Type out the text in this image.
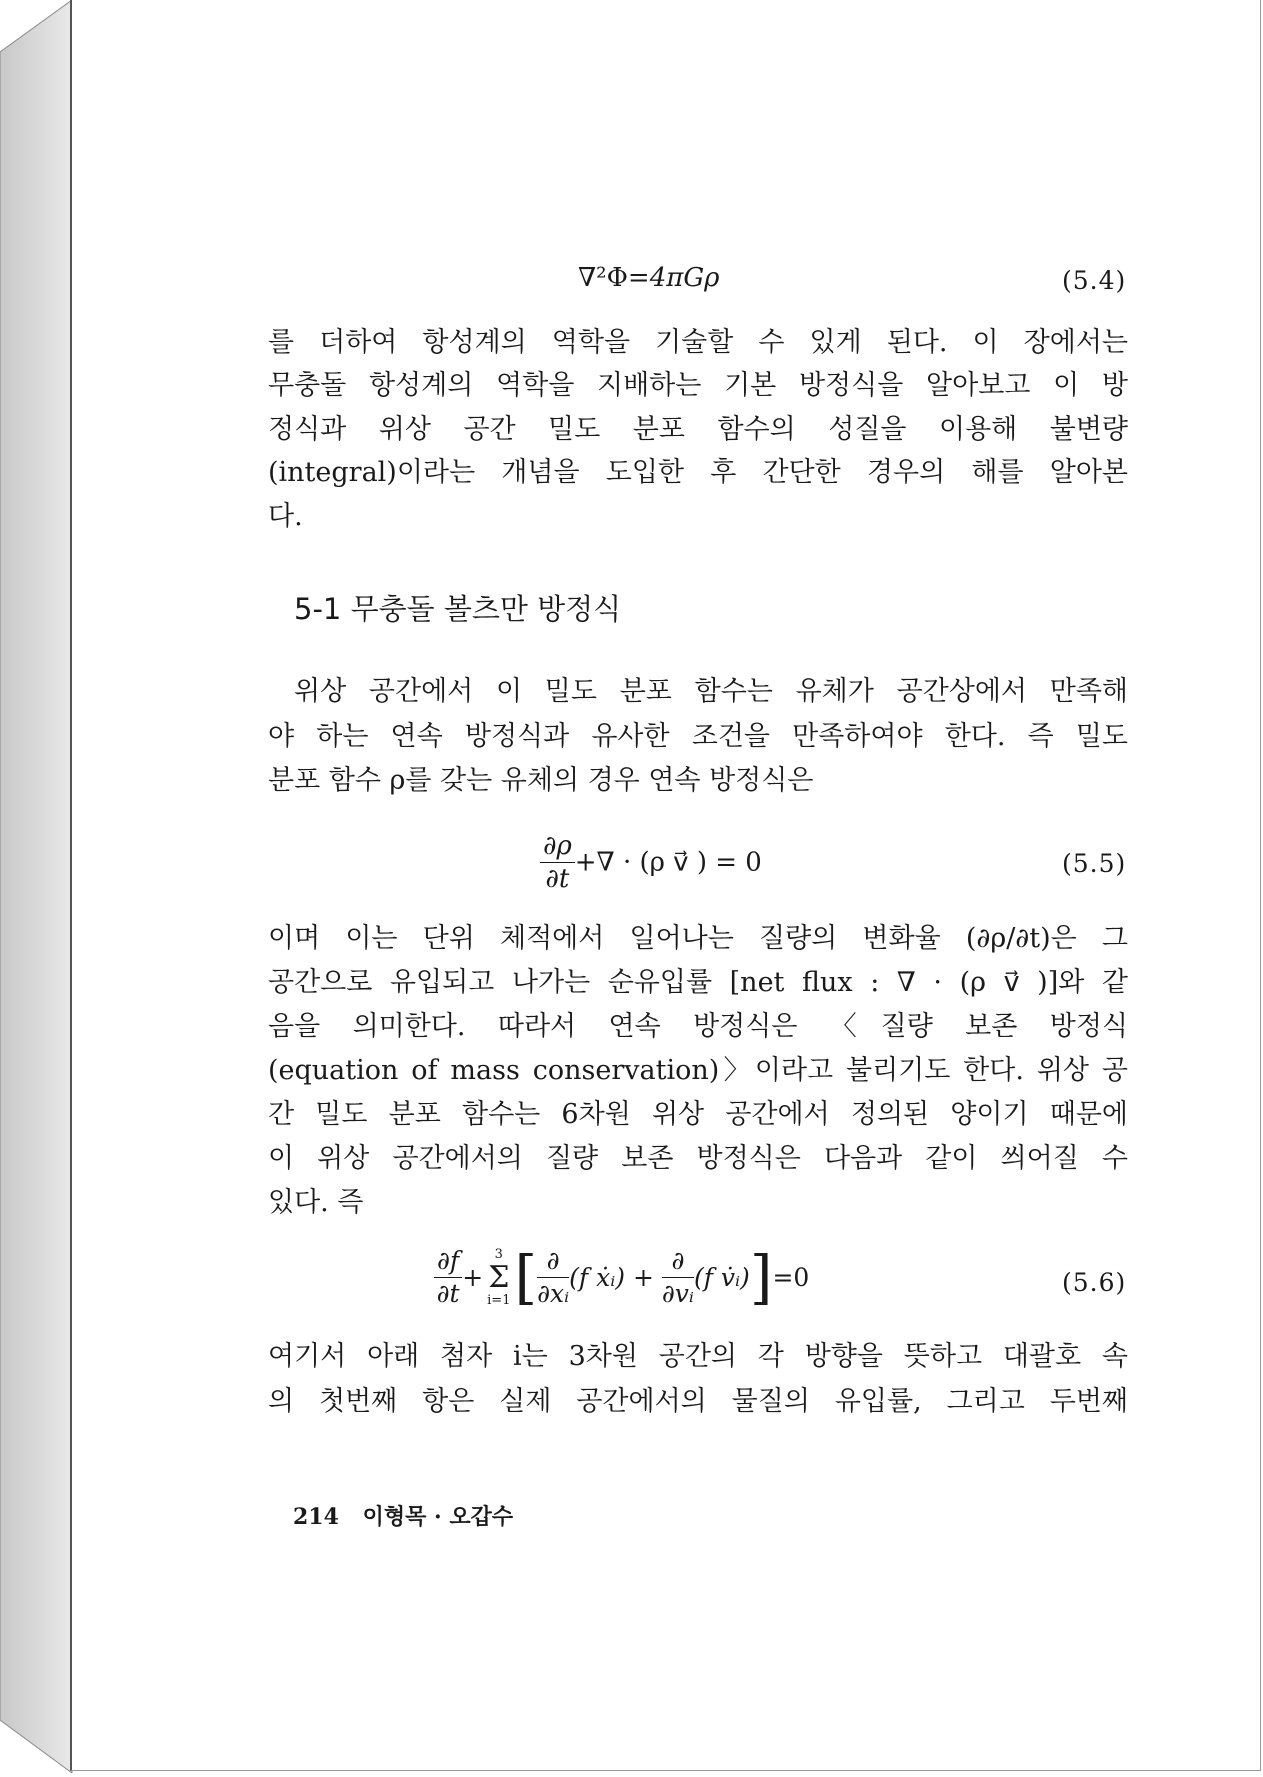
∇²Φ=4πGρ	(5.4)
를 더하여 항성계의 역학을 기술할 수 있게 된다. 이 장에서는
무충돌 항성계의 역학을 지배하는 기본 방정식을 알아보고 이 방
정식과 위상 공간 밀도 분포 함수의 성질을 이용해 불변량
(integral)이라는 개념을 도입한 후 간단한 경우의 해를 알아본
다.
5-1 무충돌 볼츠만 방정식
위상 공간에서 이 밀도 분포 함수는 유체가 공간상에서 만족해
야 하는 연속 방정식과 유사한 조건을 만족하여야 한다. 즉 밀도
분포 함수 ρ를 갖는 유체의 경우 연속 방정식은
$\frac{\partial\rho}{\partial t}$ +∇ · (ρ v⃗ ) = 0	(5.5)
이며 이는 단위 체적에서 일어나는 질량의 변화율 (∂ρ/∂t)은 그
공간으로 유입되고 나가는 순유입률 [net flux : ∇ · (ρ v⃗ )]와 같
음을 의미한다. 따라서 연속 방정식은 〈질량 보존 방정식
(equation of mass conservation)〉이라고 불리기도 한다. 위상 공
간 밀도 분포 함수는 6차원 위상 공간에서 정의된 양이기 때문에
이 위상 공간에서의 질량 보존 방정식은 다음과 같이 씌어질 수
있다. 즉
$\frac{\partial f}{\partial t}$ +
3
Σ
i=1 [ $\frac{\partial}{\text{∂xᵢ}} (f$ ẋᵢ) + $\frac{\partial}{\text{∂vᵢ}} (f$ v̇ᵢ)]=0	(5.6)
여기서 아래 첨자 i는 3차원 공간의 각 방향을 뜻하고 대괄호 속
의 첫번째 항은 실제 공간에서의 물질의 유입률, 그리고 두번째
214 이형목 · 오갑수
